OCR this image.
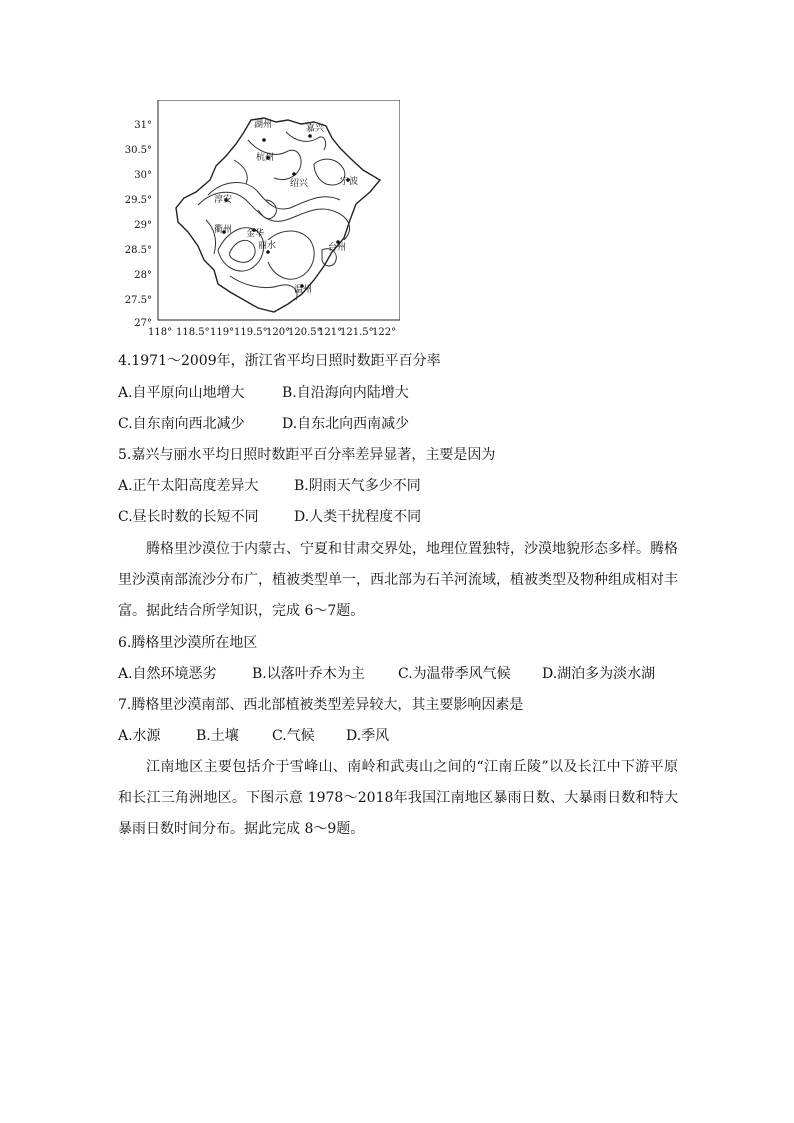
31°
30.5°
30°
29.5°
29°
28.5°
28°
27.5°
27°
118° 118.5° 119° 119.5°
120°
120.5°
121°
121.5°
122°
湖州	嘉兴
杭州
绍兴	宁波
淳安
衢州 金华
丽水	台州
温州
4.1971～2009年，浙江省平均日照时数距平百分率
A.自平原向山地增大	B.自沿海向内陆增大
C.自东南向西北减少	D.自东北向西南减少
5.嘉兴与丽水平均日照时数距平百分率差异显著，主要是因为
A.正午太阳高度差异大	B.阴雨天气多少不同
C.昼长时数的长短不同	D.人类干扰程度不同
腾格里沙漠位于内蒙古、宁夏和甘肃交界处，地理位置独特，沙漠地貌形态多样。腾格里沙漠南部流沙分布广，植被类型单一，西北部为石羊河流域，植被类型及物种组成相对丰富。据此结合所学知识，完成 6～7题。
6.腾格里沙漠所在地区
A.自然环境恶劣	B.以落叶乔木为主 C.为温带季风气候 D.湖泊多为淡水湖
7.腾格里沙漠南部、西北部植被类型差异较大，其主要影响因素是
A.水源	B.土壤 C.气候 D.季风
江南地区主要包括介于雪峰山、南岭和武夷山之间的“江南丘陵”以及长江中下游平原和长江三角洲地区。下图示意 1978～2018年我国江南地区暴雨日数、大暴雨日数和特大暴雨日数时间分布。据此完成 8～9题。
